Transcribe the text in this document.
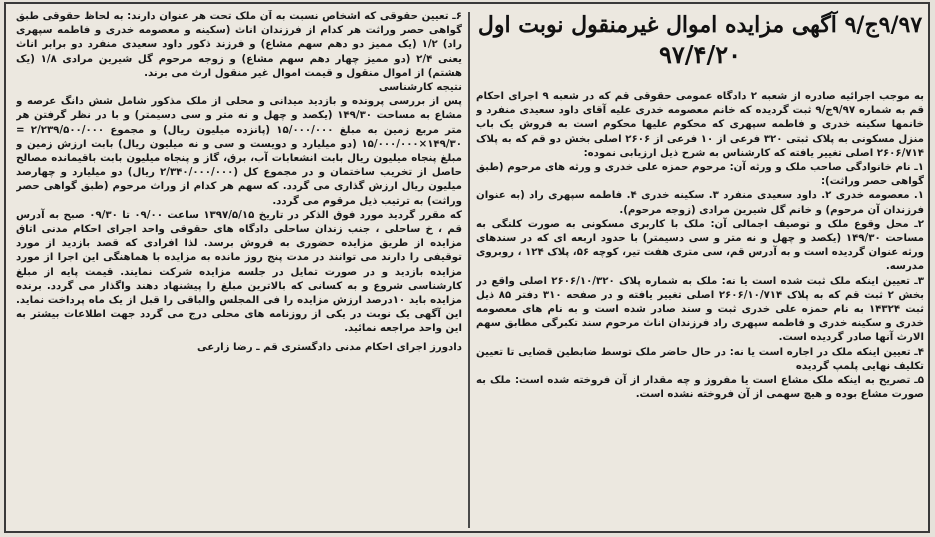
۹/۹۷ج/۹ آگهی مزایده اموال غیرمنقول نوبت اول
۹۷/۴/۲۰

به موجب اجرائیه صادره از شعبه ۲ دادگاه عمومی حقوقی قم که در شعبه ۹ اجرای احکام قم به شماره ۹/۹۷ج/۹ ثبت گردیده که خانم معصومه خدری علیه آقای داود سعیدی منفرد و خانمها سکینه خدری و فاطمه سپهری که محکوم علیها محکوم است به فروش یک باب منزل مسکونی به پلاک ثبتی ۳۲۰ فرعی از ۱۰ فرعی از ۲۶۰۶ اصلی بخش دو قم که به پلاک ۲۶۰۶/۷۱۴ اصلی تغییر یافته که کارشناس به شرح ذیل ارزیابی نموده:

۱ـ نام خانوادگی صاحب ملک و ورثه آن: مرحوم حمزه علی خدری و ورثه های مرحوم (طبق گواهی حصر وراثت):

۱. معصومه خدری ۲. داود سعیدی منفرد ۳. سکینه خدری ۴. فاطمه سپهری راد (به عنوان فرزندان آن مرحوم) و خانم گل شیرین مرادی (زوجه مرحوم).

۲ـ محل وقوع ملک و توصیف اجمالی آن: ملک با کاربری مسکونی به صورت کلنگی به مساحت ۱۴۹/۳۰ (یکصد و چهل و نه متر و سی دسیمتر) با حدود اربعه ای که در سندهای ورثه عنوان گردیده است و به آدرس قم، سی متری هفت تیر، کوچه ۵۶، پلاک ۱۲۴ ، روبروی مدرسه.

۳ـ تعیین اینکه ملک ثبت شده است یا نه: ملک به شماره پلاک ۲۶۰۶/۱۰/۳۲۰ اصلی واقع در بخش ۲ ثبت قم که به پلاک ۲۶۰۶/۱۰/۷۱۴ اصلی تغییر یافته و در صفحه ۳۱۰ دفتر ۸۵ ذیل ثبت ۱۴۳۲۴ به نام حمزه علی خدری ثبت و سند صادر شده است و به نام های معصومه خدری و سکینه خدری و فاطمه سپهری راد فرزندان اناث مرحوم سند تکبرگی مطابق سهم الارث آنها صادر گردیده است.

۴ـ تعیین اینکه ملک در اجاره است یا نه: در حال حاضر ملک توسط ضابطین قضایی تا تعیین تکلیف نهایی پلمپ گردیده

۵ـ تصریح به اینکه ملک مشاع است یا مفروز و چه مقدار از آن فروخته شده است: ملک به صورت مشاع بوده و هیچ سهمی از آن فروخته نشده است.

۶ـ تعیین حقوقی که اشخاص نسبت به آن ملک تحت هر عنوان دارند: به لحاظ حقوقی طبق گواهی حصر وراثت هر کدام از فرزندان اناث (سکینه و معصومه خدری و فاطمه سپهری راد) ۱/۲ (یک ممیز دو دهم سهم مشاع) و فرزند ذکور داود سعیدی منفرد دو برابر اناث یعنی ۲/۴ (دو ممیز چهار دهم سهم مشاع) و زوجه مرحوم گل شیرین مرادی ۱/۸ (یک هشتم) از اموال منقول و قیمت اموال غیر منقول ارث می برند.

نتیجه کارشناسی

پس از بررسی پرونده و بازدید میدانی و محلی از ملک مذکور شامل شش دانگ عرصه و مشاع به مساحت ۱۴۹/۳۰ (یکصد و چهل و نه متر و سی دسیمتر) و با در نظر گرفتن هر متر مربع زمین به مبلغ ۱۵/۰۰۰/۰۰۰ (پانزده میلیون ریال) و مجموع ۲/۲۳۹/۵۰۰/۰۰۰ = ۱۴۹/۳۰×۱۵/۰۰۰/۰۰۰ (دو میلیارد و دویست و سی و نه میلیون ریال) بابت ارزش زمین و مبلغ پنجاه میلیون ریال بابت انشعابات آب، برق، گاز و پنجاه میلیون بابت باقیمانده مصالح حاصل از تخریب ساختمان و در مجموع کل (۲/۳۴۰/۰۰۰/۰۰۰ ریال) دو میلیارد و چهارصد میلیون ریال ارزش گذاری می گردد. که سهم هر کدام از وراث مرحوم (طبق گواهی حصر وراثت) به ترتیب ذیل مرقوم می گردد.

که مقرر گردید مورد فوق الذکر در تاریخ ۱۳۹۷/۵/۱۵ ساعت ۰۹/۰۰ تا ۰۹/۳۰ صبح به آدرس قم ، خ ساحلی ، جنب زندان ساحلی دادگاه های حقوقی واحد اجرای احکام مدنی اتاق مزایده از طریق مزایده حضوری به فروش برسد. لذا افرادی که قصد بازدید از مورد توقیفی را دارند می توانند در مدت پنج روز مانده به مزایده با هماهنگی این اجرا از مورد مزایده بازدید و در صورت تمایل در جلسه مزایده شرکت نمایند. قیمت پایه از مبلغ کارشناسی شروع و به کسانی که بالاترین مبلغ را پیشنهاد دهند واگذار می گردد. برنده مزایده باید ۱۰درصد ارزش مزایده را فی المجلس والباقی را قبل از یک ماه پرداخت نماید. این آگهی یک نوبت در یکی از روزنامه های محلی درج می گردد جهت اطلاعات بیشتر به این واحد مراجعه نمائید.

دادورز اجرای احکام مدنی دادگستری قم ـ رضا زارعی
